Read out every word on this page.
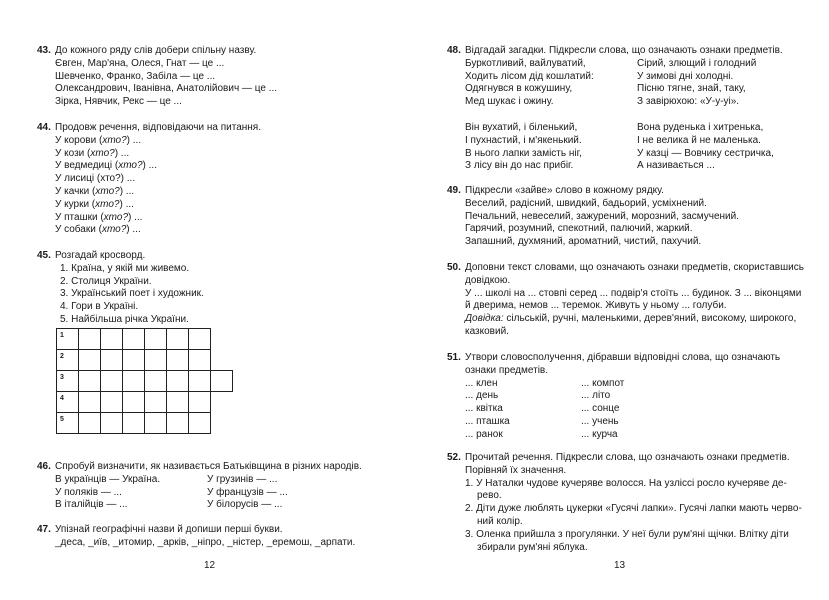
43. До кожного ряду слів добери спільну назву.
Євген, Мар'яна, Олеся, Гнат — це ...
Шевченко, Франко, Забіла — це ...
Олександрович, Іванівна, Анатолійович — це ...
Зірка, Нявчик, Рекс — це ...
44. Продовж речення, відповідаючи на питання.
У корови (хто?) ...
У кози (хто?) ...
У ведмедиці (хто?) ...
У лисиці (хто?) ...
У качки (хто?) ...
У курки (хто?) ...
У пташки (хто?) ...
У собаки (хто?) ...
45. Розгадай кросворд.
1. Країна, у якій ми живемо.
2. Столиця України.
3. Український поет і художник.
4. Гори в Україні.
5. Найбільша річка України.
1
2
3
4
5
46. Спробуй визначити, як називається Батьківщина в різних народів.
В українців — Україна.
У поляків — ...
В італійців — ...
У грузинів — ...
У французів — ...
У білорусів — ...
47. Упізнай географічні назви й допиши перші букви.
_деса, _иїв, _итомир, _арків, _ніпро, _ністер, _еремош, _арпати.
12
48. Відгадай загадки. Підкресли слова, що означають ознаки предметів.
Буркотливий, вайлуватий,
Ходить лісом дід кошлатий:
Одягнувся в кожушину,
Мед шукає і ожину.
Сірий, злющий і голодний
У зимові дні холодні.
Пісню тягне, знай, таку,
З завірюхою: «У-у-уі».
Він вухатий, і біленький,
І пухнастий, і м'якенький.
В нього лапки замість ніг,
З лісу він до нас прибіг.
Вона руденька і хитренька,
І не велика й не маленька.
У казці — Вовчику сестричка,
А називається ...
49. Підкресли «зайве» слово в кожному рядку.
Веселий, радісний, швидкий, бадьорий, усміхнений.
Печальний, невеселий, зажурений, морозний, засмучений.
Гарячий, розумний, спекотний, палючий, жаркий.
Запашний, духмяний, ароматний, чистий, пахучий.
50. Доповни текст словами, що означають ознаки предметів, скориставшись
довідкою.
У ... школі на ... стовпі серед ... подвір'я стоїть ... будинок. З ... віконцями
й дверима, немов ... теремок. Живуть у ньому ... голуби.
Довідка: сільській, ручні, маленькими, дерев'яний, високому, широкого,
казковий.
51. Утвори словосполучення, дібравши відповідні слова, що означають
ознаки предметів.
... клен
... день
... квітка
... пташка
... ранок
... компот
... літо
... сонце
... учень
... курча
52. Прочитай речення. Підкресли слова, що означають ознаки предметів.
Порівняй їх значення.
1. У Наталки чудове кучеряве волосся. На узліссі росло кучеряве де-
рево.
2. Діти дуже люблять цукерки «Гусячі лапки». Гусячі лапки мають черво-
ний колір.
3. Оленка прийшла з прогулянки. У неї були рум'яні щічки. Влітку діти
збирали рум'яні яблука.
13
